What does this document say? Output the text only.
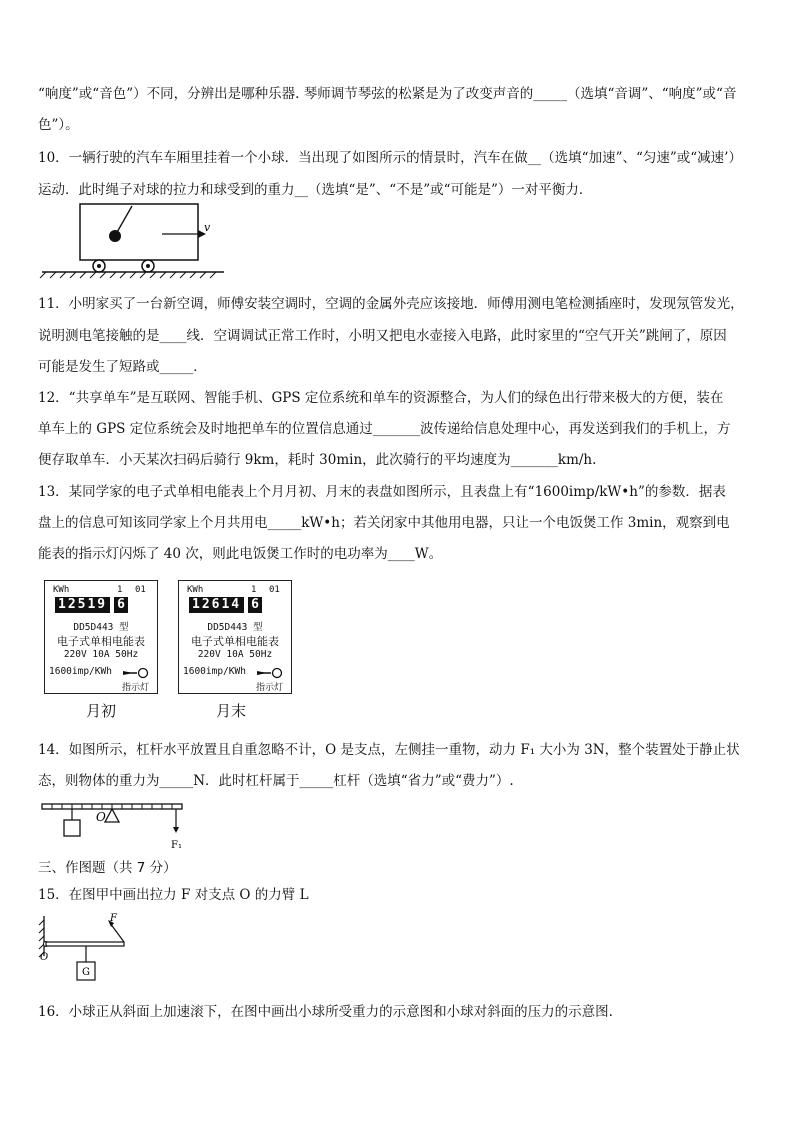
“响度”或“音色”）不同，分辨出是哪种乐器. 琴师调节琴弦的松紧是为了改变声音的_____（选填“音调”、“响度”或“音
色”）。
10．一辆行驶的汽车车厢里挂着一个小球．当出现了如图所示的情景时，汽车在做__（选填“加速”、“匀速”或“减速’）
运动．此时绳子对球的拉力和球受到的重力__（选填“是”、“不是”或“可能是”）一对平衡力．
v
11．小明家买了一台新空调，师傅安装空调时，空调的金属外壳应该接地．师傅用测电笔检测插座时，发现氖管发光，
说明测电笔接触的是____线．空调调试正常工作时，小明又把电水壶接入电路，此时家里的“空气开关”跳闸了，原因
可能是发生了短路或_____．
12．“共享单车”是互联网、智能手机、GPS 定位系统和单车的资源整合，为人们的绿色出行带来极大的方便，装在
单车上的 GPS 定位系统会及时地把单车的位置信息通过_______波传递给信息处理中心，再发送到我们的手机上，方
便存取单车．小天某次扫码后骑行 9km，耗时 30min，此次骑行的平均速度为_______km/h.
13．某同学家的电子式单相电能表上个月月初、月末的表盘如图所示，且表盘上有“1600imp/kW•h”的参数．据表
盘上的信息可知该同学家上个月共用电_____kW•h；若关闭家中其他用电器，只让一个电饭煲工作 3min，观察到电
能表的指示灯闪烁了 40 次，则此电饭煲工作时的电功率为____W。
KWh	1 01
12519 6
DD5D443 型
电子式单相电能表
220V 10A 50Hz
1600imp/KWh
指示灯
月初
KWh	1 01
12614 6
DD5D443 型
电子式单相电能表
220V 10A 50Hz
1600imp/KWh
指示灯
月末
14．如图所示，杠杆水平放置且自重忽略不计，O 是支点，左侧挂一重物，动力 F₁ 大小为 3N，整个装置处于静止状
态，则物体的重力为_____N．此时杠杆属于_____杠杆（选填“省力”或“费力”）.
O
F₁
三、作图题（共 7 分）
15．在图甲中画出拉力 F 对支点 O 的力臂 L
F
O
G
16．小球正从斜面上加速滚下，在图中画出小球所受重力的示意图和小球对斜面的压力的示意图.
